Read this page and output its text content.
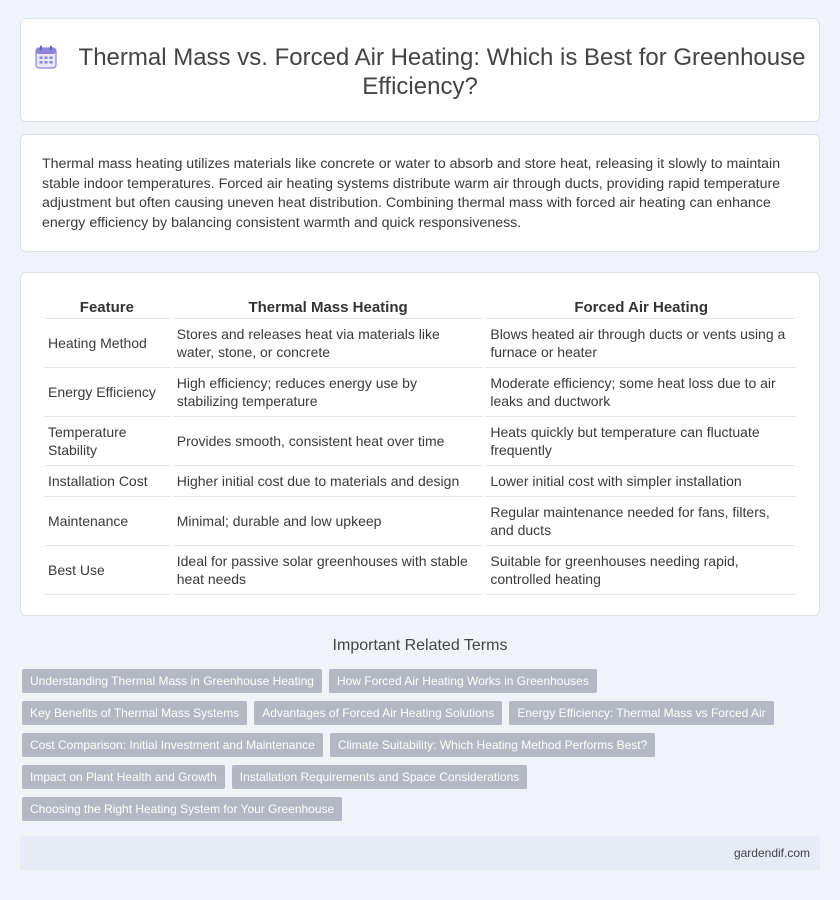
Thermal Mass vs. Forced Air Heating: Which is Best for Greenhouse Efficiency?

Thermal mass heating utilizes materials like concrete or water to absorb and store heat, releasing it slowly to maintain stable indoor temperatures. Forced air heating systems distribute warm air through ducts, providing rapid temperature adjustment but often causing uneven heat distribution. Combining thermal mass with forced air heating can enhance energy efficiency by balancing consistent warmth and quick responsiveness.

Feature	Thermal Mass Heating	Forced Air Heating
Heating Method	Stores and releases heat via materials like water, stone, or concrete	Blows heated air through ducts or vents using a furnace or heater
Energy Efficiency	High efficiency; reduces energy use by stabilizing temperature	Moderate efficiency; some heat loss due to air leaks and ductwork
Temperature Stability	Provides smooth, consistent heat over time	Heats quickly but temperature can fluctuate frequently
Installation Cost	Higher initial cost due to materials and design	Lower initial cost with simpler installation
Maintenance	Minimal; durable and low upkeep	Regular maintenance needed for fans, filters, and ducts
Best Use	Ideal for passive solar greenhouses with stable heat needs	Suitable for greenhouses needing rapid, controlled heating
Important Related Terms
Understanding Thermal Mass in Greenhouse Heating	How Forced Air Heating Works in Greenhouses
Key Benefits of Thermal Mass Systems	Advantages of Forced Air Heating Solutions	Energy Efficiency: Thermal Mass vs Forced Air
Cost Comparison: Initial Investment and Maintenance	Climate Suitability: Which Heating Method Performs Best?
Impact on Plant Health and Growth	Installation Requirements and Space Considerations
Choosing the Right Heating System for Your Greenhouse
gardendif.com
